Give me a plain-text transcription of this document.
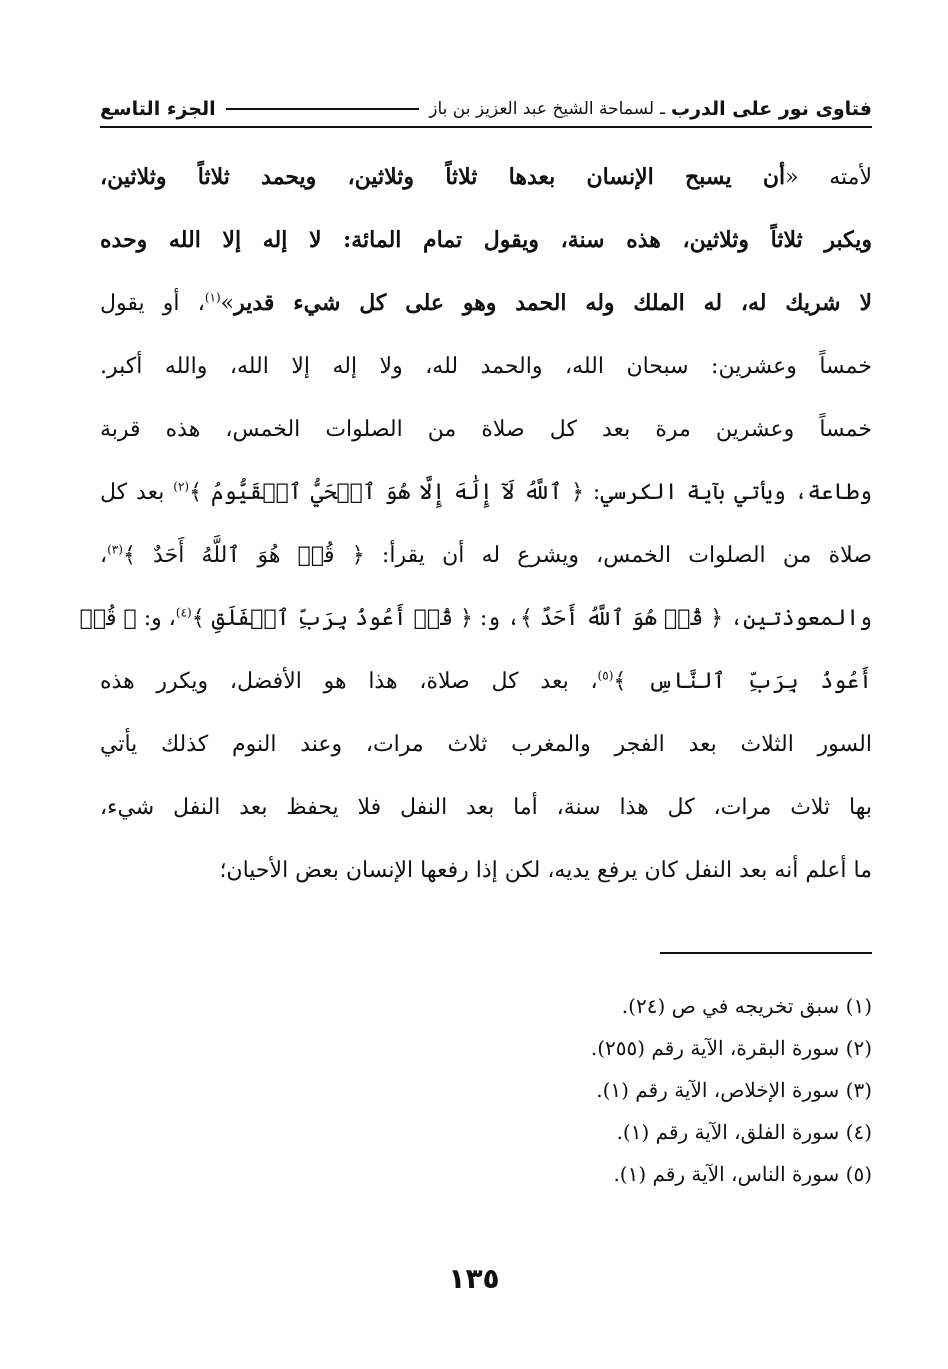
فتاوى نور على الدرب
ـ
لسماحة الشيخ عبد العزيز بن باز
الجزء التاسع
لأمته «أن يسبح الإنسان بعدها ثلاثاً وثلاثين، ويحمد ثلاثاً وثلاثين،
ويكبر ثلاثاً وثلاثين، هذه سنة، ويقول تمام المائة: لا إله إلا الله وحده
لا شريك له، له الملك وله الحمد وهو على كل شيء قدير»$^{(١)}$، أو يقول
خمساً وعشرين: سبحان الله، والحمد لله، ولا إله إلا الله، والله أكبر.
خمساً وعشرين مرة بعد كل صلاة من الصلوات الخمس، هذه قربة
وطاعة، ويأتي بآية الكرسي: ﴿ ٱللَّهُ لَآ إِلَٰهَ إِلَّا هُوَ ٱلۡحَيُّ ٱلۡقَيُّومُ ﴾$^{(٢)}$ بعد كل
صلاة من الصلوات الخمس، ويشرع له أن يقرأ: ﴿ قُلۡ هُوَ ٱللَّهُ أَحَدٌ ﴾$^{(٣)}$،
والمعوذتين، ﴿ قُلۡ هُوَ ٱللَّهُ أَحَدٌ ﴾، و: ﴿ قُلۡ أَعُوذُ بِرَبِّ ٱلۡفَلَقِ ﴾$^{(٤)}$، و: ﴿ قُلۡ
أَعُوذُ بِرَبِّ ٱلنَّاسِ ﴾$^{(٥)}$، بعد كل صلاة، هذا هو الأفضل، ويكرر هذه
السور الثلاث بعد الفجر والمغرب ثلاث مرات، وعند النوم كذلك يأتي
بها ثلاث مرات، كل هذا سنة، أما بعد النفل فلا يحفظ بعد النفل شيء،
ما أعلم أنه بعد النفل كان يرفع يديه، لكن إذا رفعها الإنسان بعض الأحيان؛
(١) سبق تخريجه في ص (٢٤).
(٢) سورة البقرة، الآية رقم (٢٥٥).
(٣) سورة الإخلاص، الآية رقم (١).
(٤) سورة الفلق، الآية رقم (١).
(٥) سورة الناس، الآية رقم (١).
١٣٥
